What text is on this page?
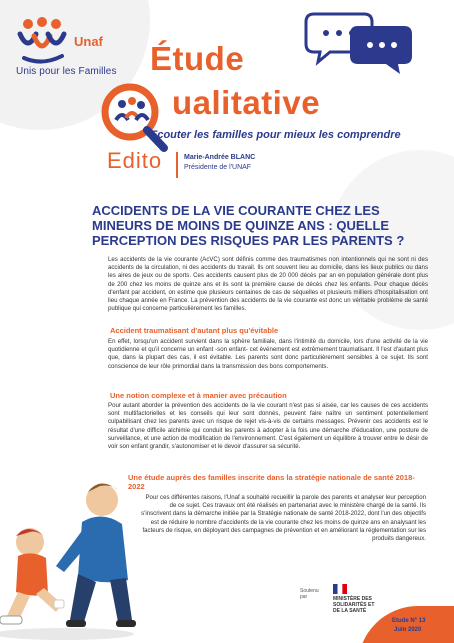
Unaf
Unis pour les Familles Étude
ualitative
Ecouter les familles pour mieux les comprendre
Edito	Marie-Andrée BLANC
Présidente de l'UNAF
ACCIDENTS DE LA VIE COURANTE CHEZ LES MINEURS DE MOINS DE QUINZE ANS : QUELLE PERCEPTION DES RISQUES PAR LES PARENTS ?
Les accidents de la vie courante (AcVC) sont définis comme des traumatismes non intentionnels qui ne sont ni des accidents de la circulation, ni des accidents du travail. Ils ont souvent lieu au domicile, dans les lieux publics ou dans les aires de jeux ou de sports. Ces accidents causent plus de 20 000 décès par an en population générale dont plus de 200 chez les moins de quinze ans et ils sont la première cause de décès chez les enfants. Pour chaque décès d'enfant par accident, on estime que plusieurs centaines de cas de séquelles et plusieurs milliers d'hospitalisation ont lieu chaque année en France. La prévention des accidents de la vie courante est donc un véritable problème de santé publique qui concerne particulièrement les familles.
Accident traumatisant d'autant plus qu'évitable
En effet, lorsqu'un accident survient dans la sphère familiale, dans l'intimité du domicile, lors d'une activité de la vie quotidienne et qu'il concerne un enfant -son enfant- cet événement est extrêmement traumatisant. Il l'est d'autant plus que, dans la plupart des cas, il est évitable. Les parents sont donc particulièrement sensibles à ce sujet. Ils sont conscience de leur rôle primordial dans la transmission des bons comportements.
Une notion complexe et à manier avec précaution
Pour autant aborder la prévention des accidents de la vie courant n'est pas si aisée, car les causes de ces accidents sont multifactorielles et les conseils qui leur sont donnés, peuvent faire naître un sentiment potentiellement culpabilisant chez les parents avec un risque de rejet vis-à-vis de certains messages. Prévenir ces accidents est le résultat d'une difficile alchimie qui conduit les parents à adopter à la fois une démarche d'éducation, une posture de surveillance, et une action de modification de l'environnement. C'est également un équilibre à trouver entre le désir de voir son enfant grandir, s'autonomiser et le devoir d'assurer sa sécurité.
Une étude auprès des familles inscrite dans la stratégie nationale de santé 2018-2022
Pour ces différentes raisons, l'Unaf a souhaité recueillir la parole des parents et analyser leur perception de ce sujet. Ces travaux ont été réalisés en partenariat avec le ministère chargé de la santé. Ils s'inscrivent dans la démarche initiée par la Stratégie nationale de santé 2018-2022, dont l'un des objectifs est de réduire le nombre d'accidents de la vie courante chez les moins de quinze ans en analysant les facteurs de risque, en déployant des campagnes de prévention et en améliorant la réglementation sur les produits dangereux.
Soutenu par	MINISTÈRE DES SOLIDARITÉS ET DE LA SANTÉ
Etude N° 13
Juin 2020
